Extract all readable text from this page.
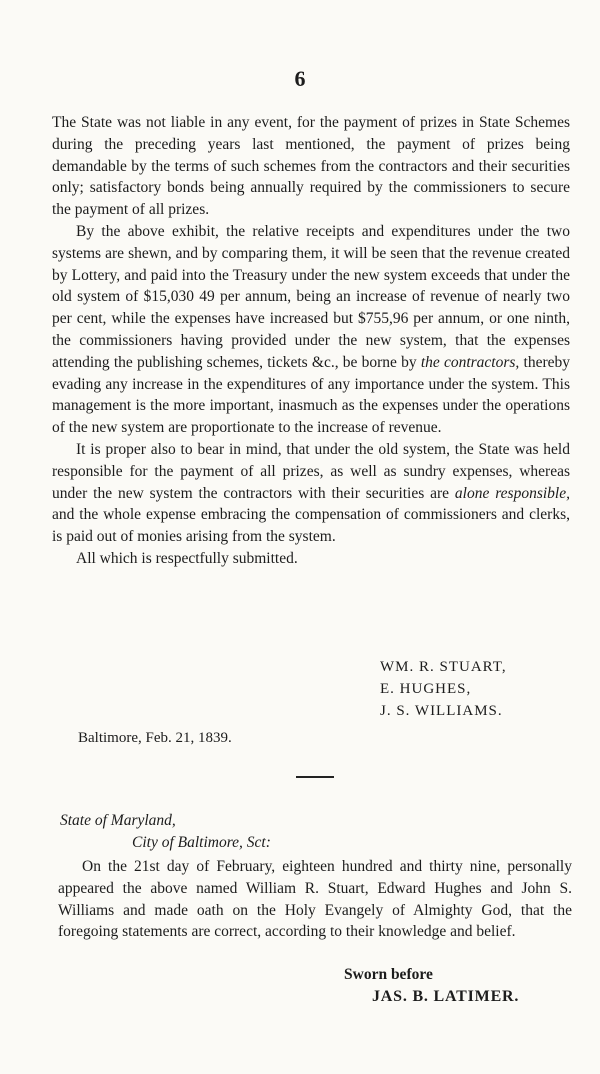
6

The State was not liable in any event, for the payment of prizes in State Schemes during the preceding years last mentioned, the payment of prizes being demandable by the terms of such schemes from the contractors and their securities only; satisfactory bonds being annually required by the commissioners to secure the payment of all prizes.

By the above exhibit, the relative receipts and expenditures under the two systems are shewn, and by comparing them, it will be seen that the revenue created by Lottery, and paid into the Treasury under the new system exceeds that under the old system of $15,030 49 per annum, being an increase of revenue of nearly two per cent, while the expenses have increased but $755,96 per annum, or one ninth, the commissioners having provided under the new system, that the expenses attending the publishing schemes, tickets &c., be borne by the contractors, thereby evading any increase in the expenditures of any importance under the system. This management is the more important, inasmuch as the expenses under the operations of the new system are proportionate to the increase of revenue.

It is proper also to bear in mind, that under the old system, the State was held responsible for the payment of all prizes, as well as sundry expenses, whereas under the new system the contractors with their securities are alone responsible, and the whole expense embracing the compensation of commissioners and clerks, is paid out of monies arising from the system.

All which is respectfully submitted.

WM. R. STUART,
E. HUGHES,
J. S. WILLIAMS.
Baltimore, Feb. 21, 1839.
State of Maryland,
City of Baltimore, Sct:

On the 21st day of February, eighteen hundred and thirty nine, personally appeared the above named William R. Stuart, Edward Hughes and John S. Williams and made oath on the Holy Evangely of Almighty God, that the foregoing statements are correct, according to their knowledge and belief.

Sworn before
JAS. B. LATIMER.
